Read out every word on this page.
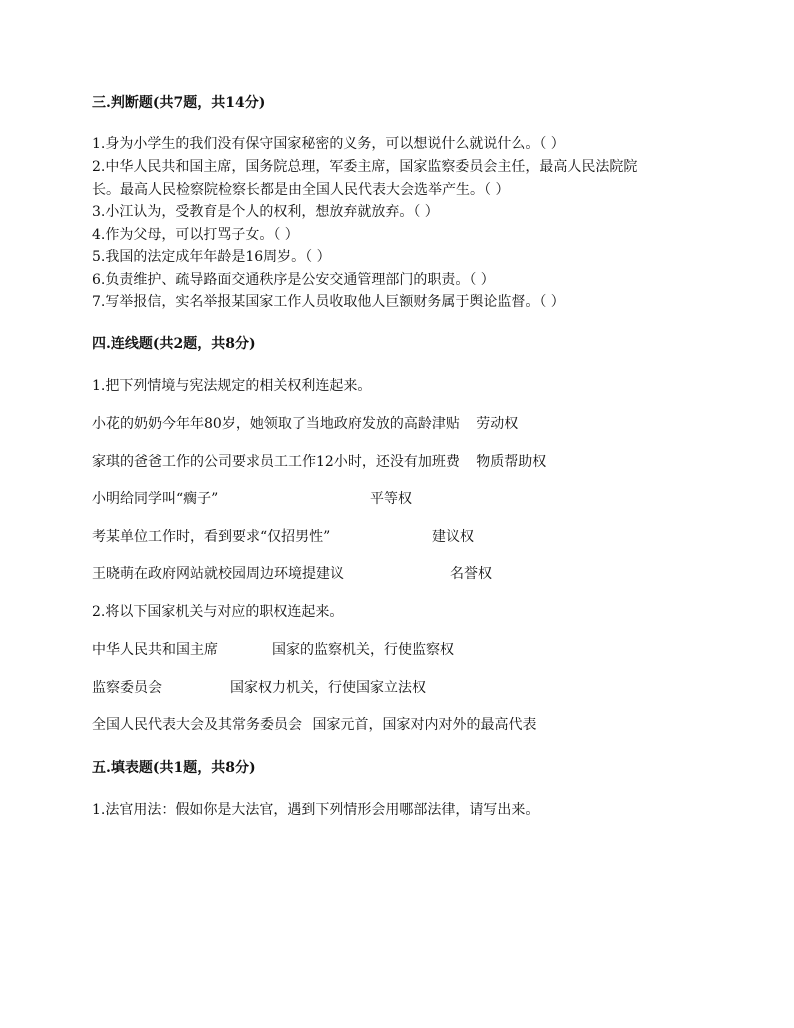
三.判断题(共7题，共14分)
1.身为小学生的我们没有保守国家秘密的义务，可以想说什么就说什么。（ ）
2.中华人民共和国主席，国务院总理，军委主席，国家监察委员会主任，最高人民法院院
长。最高人民检察院检察长都是由全国人民代表大会选举产生。（ ）
3.小江认为，受教育是个人的权利，想放弃就放弃。（ ）
4.作为父母，可以打骂子女。（ ）
5.我国的法定成年年龄是16周岁。（ ）
6.负责维护、疏导路面交通秩序是公安交通管理部门的职责。（ ）
7.写举报信，实名举报某国家工作人员收取他人巨额财务属于舆论监督。（ ）
四.连线题(共2题，共8分)
1.把下列情境与宪法规定的相关权利连起来。
小花的奶奶今年年80岁，她领取了当地政府发放的高龄津贴 劳动权
家琪的爸爸工作的公司要求员工工作12小时，还没有加班费 物质帮助权
小明给同学叫“瘸子”	平等权
考某单位工作时，看到要求“仅招男性”	建议权
王晓萌在政府网站就校园周边环境提建议	名誉权
2.将以下国家机关与对应的职权连起来。
中华人民共和国主席	国家的监察机关，行使监察权
监察委员会	国家权力机关，行使国家立法权
全国人民代表大会及其常务委员会 国家元首，国家对内对外的最高代表
五.填表题(共1题，共8分)
1.法官用法：假如你是大法官，遇到下列情形会用哪部法律，请写出来。
